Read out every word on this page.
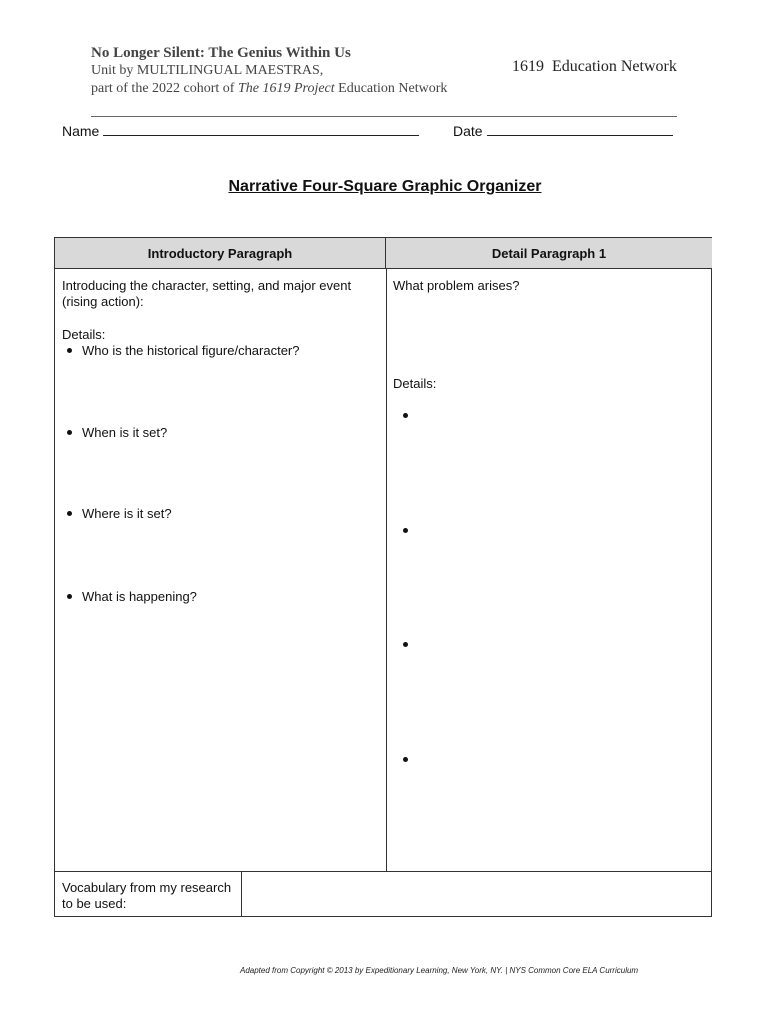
No Longer Silent: The Genius Within Us
Unit by MULTILINGUAL MAESTRAS,
part of the 2022 cohort of The 1619 Project Education Network
1619 Education Network
Name	Date
Narrative Four-Square Graphic Organizer
Introductory Paragraph	Detail Paragraph 1
Introducing the character, setting, and major event (rising action):
Details:
Who is the historical figure/character?
When is it set?
Where is it set?
What is happening?
What problem arises?
Details:
Vocabulary from my research to be used:
Adapted from Copyright © 2013 by Expeditionary Learning, New York, NY. | NYS Common Core ELA Curriculum
